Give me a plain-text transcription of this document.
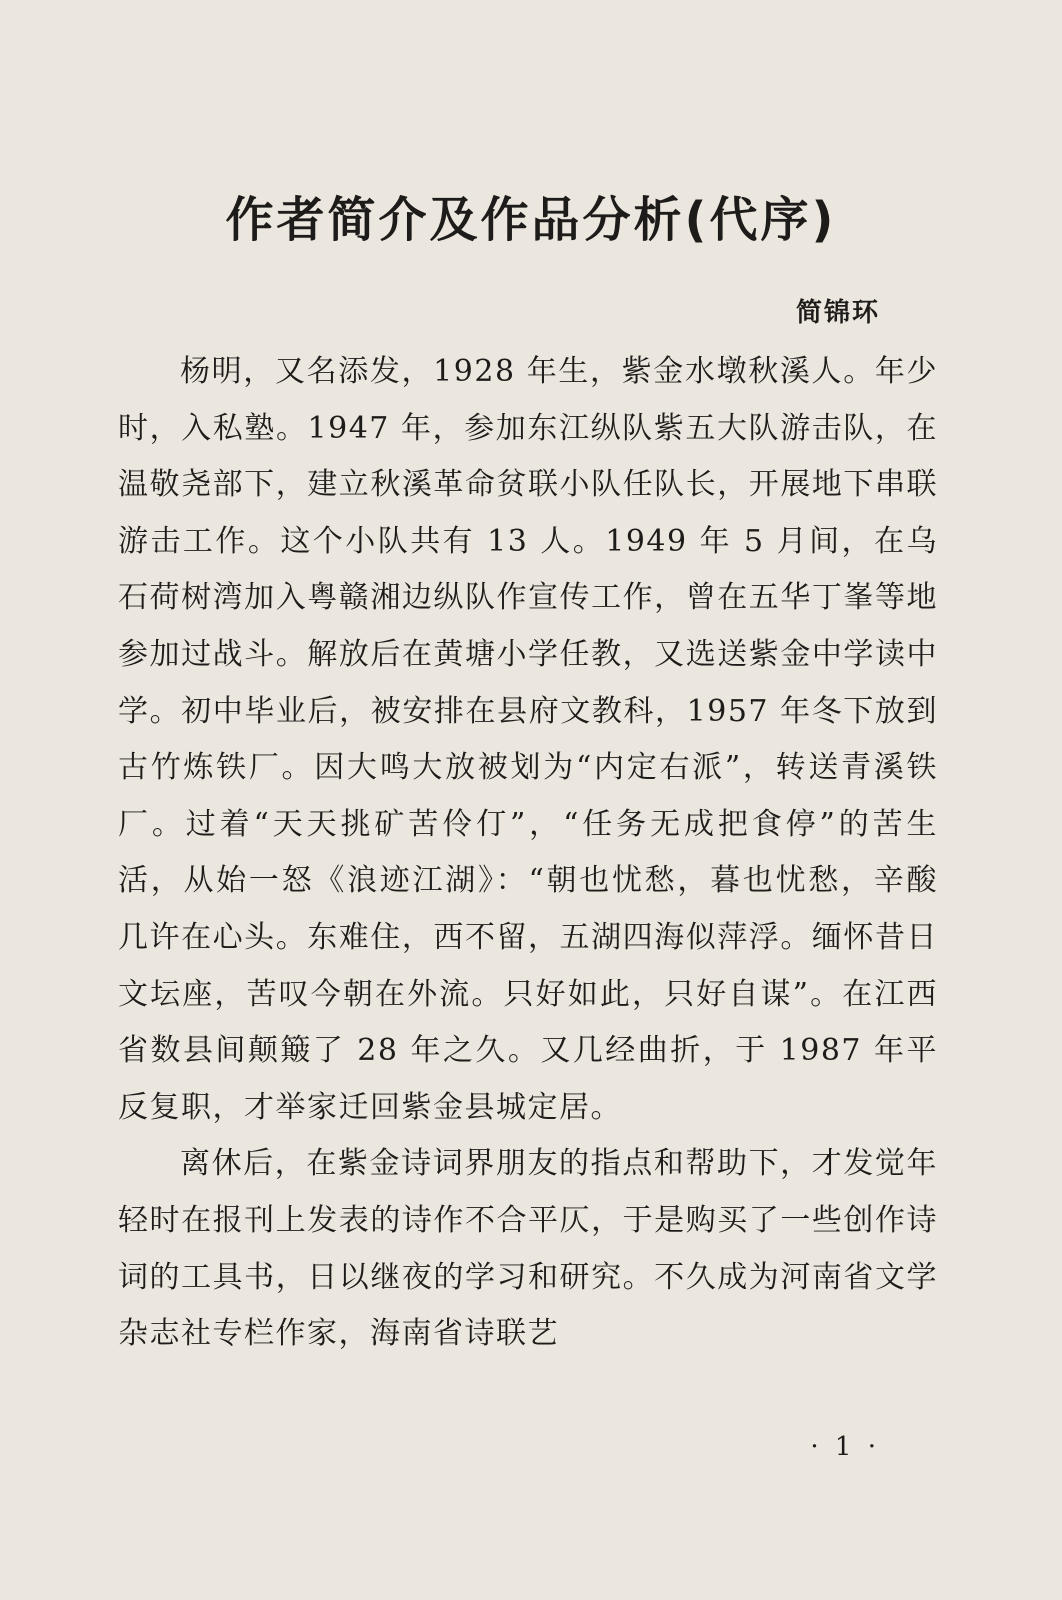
作者简介及作品分析(代序)
简锦环

杨明，又名添发，1928 年生，紫金水墩秋溪人。年少时，入私塾。1947 年，参加东江纵队紫五大队游击队，在温敬尧部下，建立秋溪革命贫联小队任队长，开展地下串联游击工作。这个小队共有 13 人。1949 年 5 月间，在乌石荷树湾加入粤赣湘边纵队作宣传工作，曾在五华丁峯等地参加过战斗。解放后在黄塘小学任教，又选送紫金中学读中学。初中毕业后，被安排在县府文教科，1957 年冬下放到古竹炼铁厂。因大鸣大放被划为“内定右派”，转送青溪铁厂。过着“天天挑矿苦伶仃”，“任务无成把食停”的苦生活，从始一怒《浪迹江湖》：“朝也忧愁，暮也忧愁，辛酸几许在心头。东难住，西不留，五湖四海似萍浮。缅怀昔日文坛座，苦叹今朝在外流。只好如此，只好自谋”。在江西省数县间颠簸了 28 年之久。又几经曲折，于 1987 年平反复职，才举家迁回紫金县城定居。

离休后，在紫金诗词界朋友的指点和帮助下，才发觉年轻时在报刊上发表的诗作不合平仄，于是购买了一些创作诗词的工具书，日以继夜的学习和研究。不久成为河南省文学杂志社专栏作家，海南省诗联艺

· 1 ·
